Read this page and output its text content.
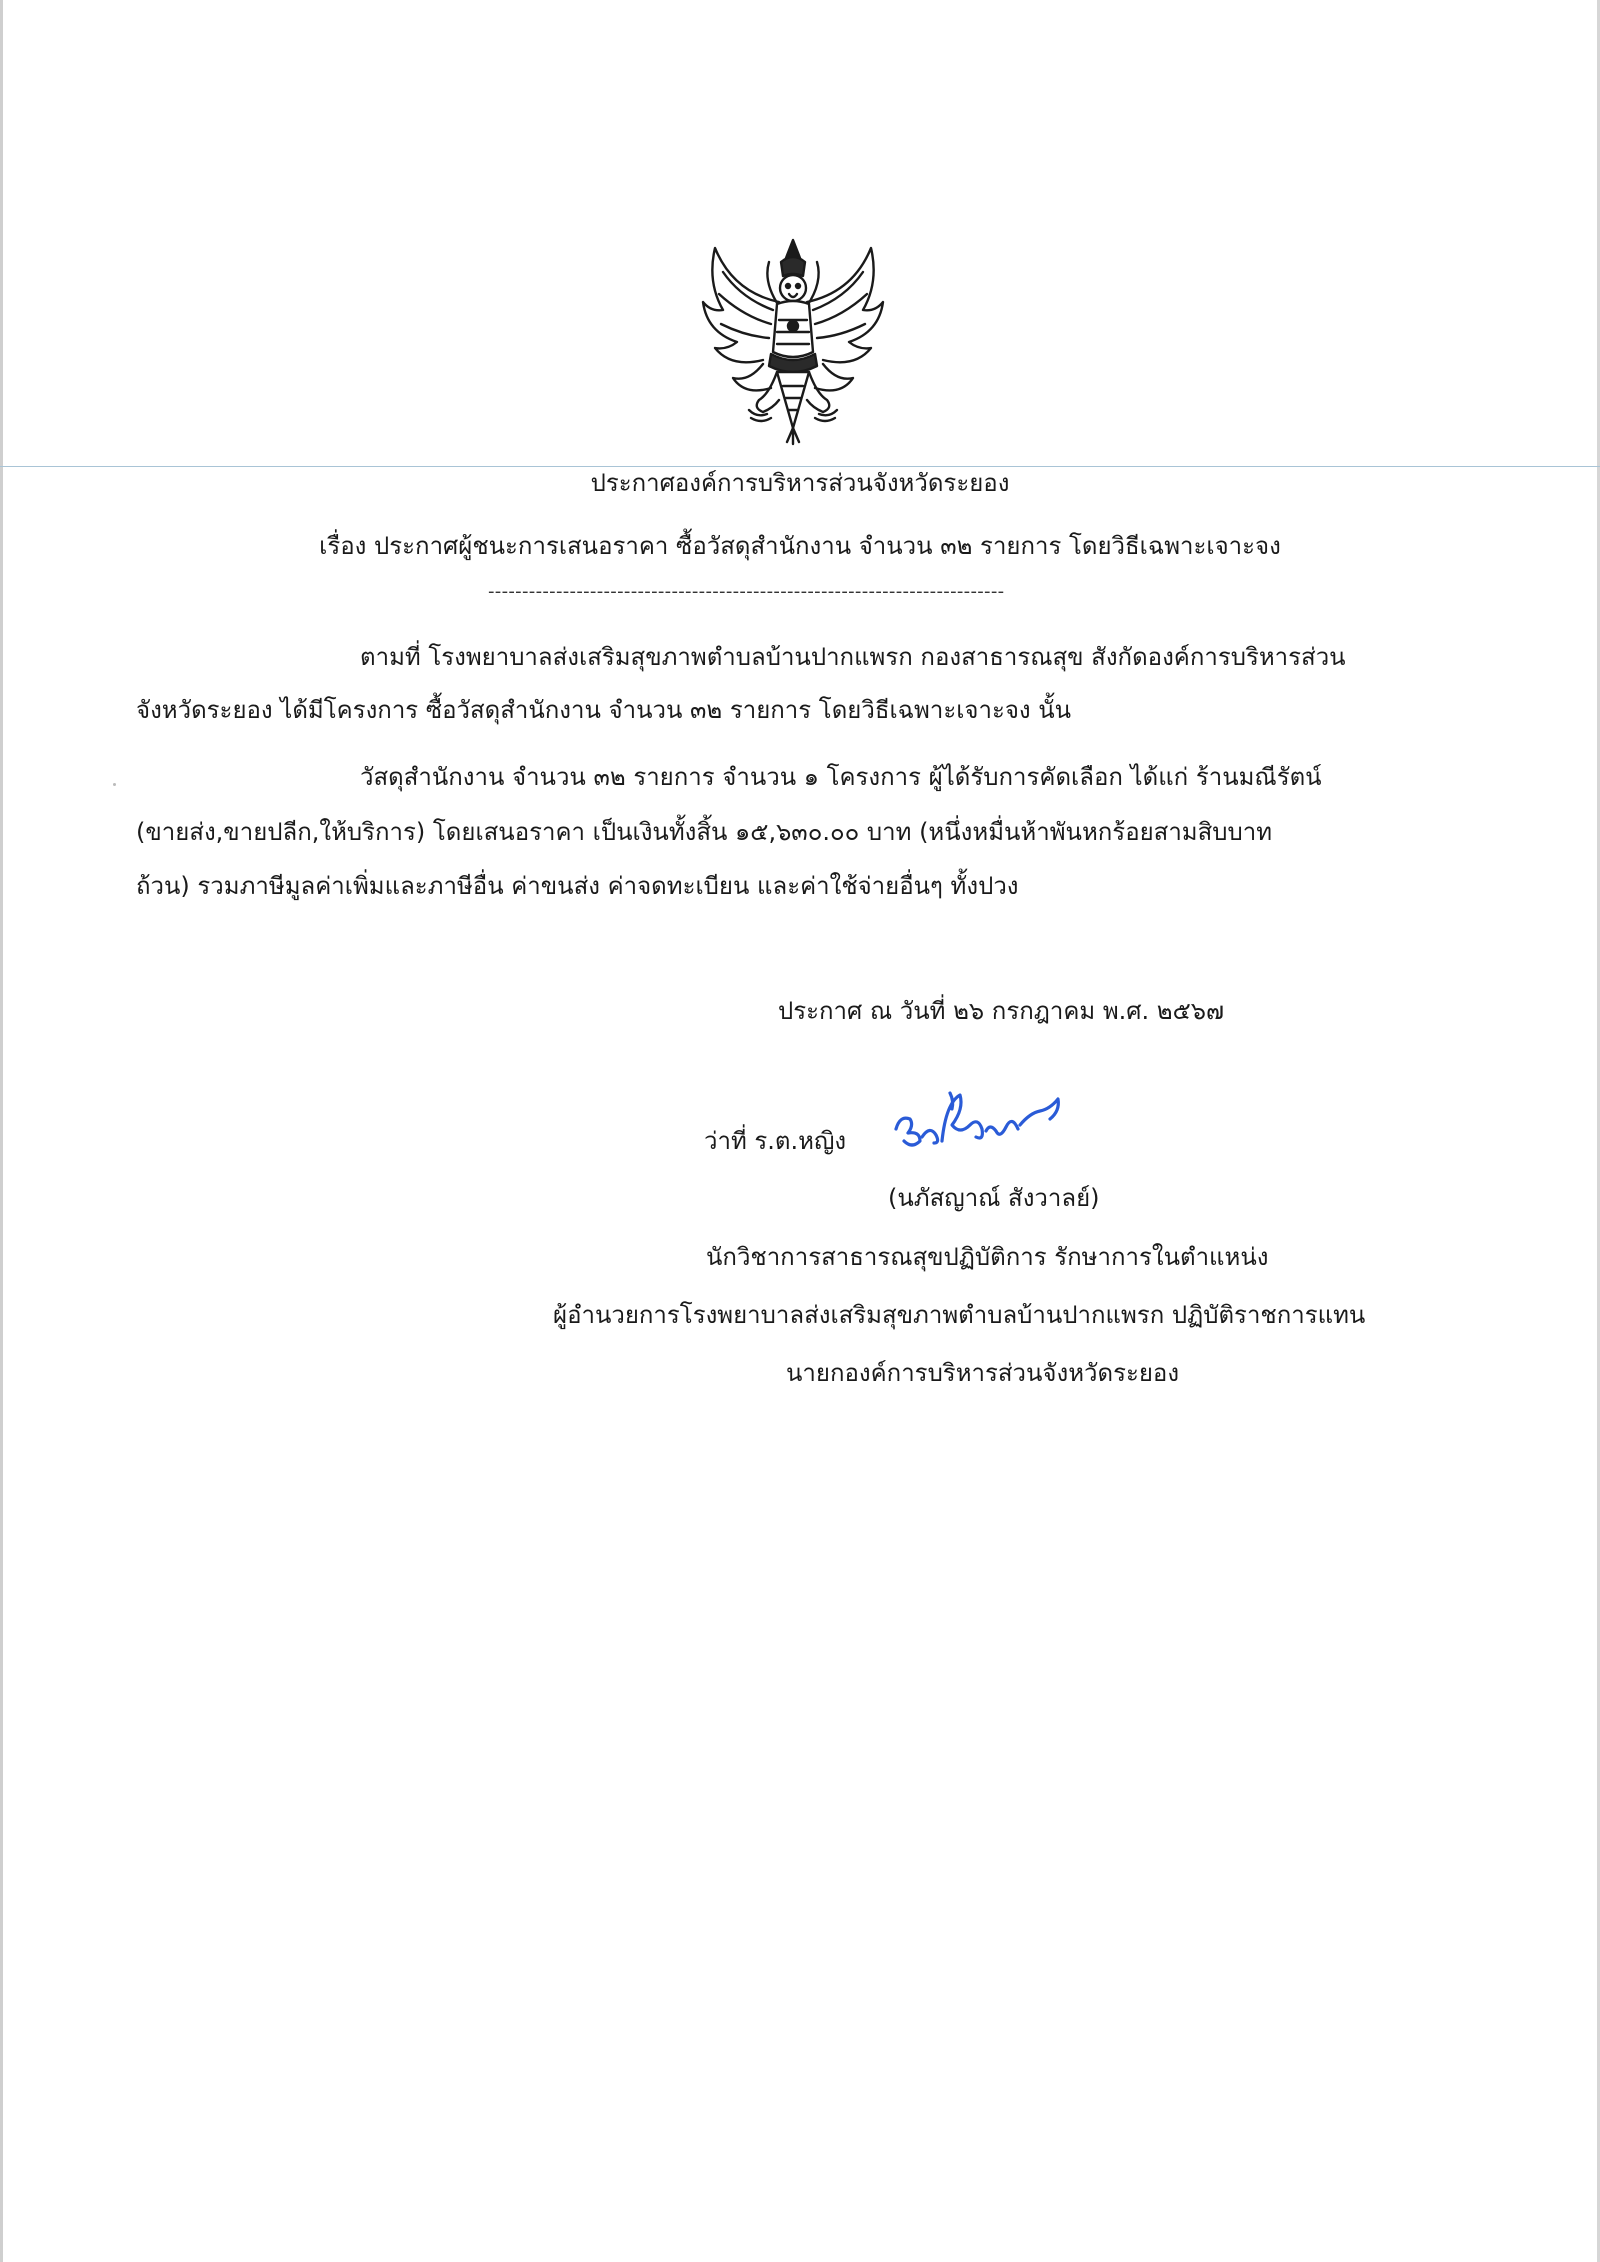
ประกาศองค์การบริหารส่วนจังหวัดระยอง
เรื่อง ประกาศผู้ชนะการเสนอราคา ซื้อวัสดุสำนักงาน จำนวน ๓๒ รายการ โดยวิธีเฉพาะเจาะจง
----------------------------------------------------------------------------
ตามที่ โรงพยาบาลส่งเสริมสุขภาพตำบลบ้านปากแพรก กองสาธารณสุข สังกัดองค์การบริหารส่วน
จังหวัดระยอง ได้มีโครงการ ซื้อวัสดุสำนักงาน จำนวน ๓๒ รายการ โดยวิธีเฉพาะเจาะจง นั้น
วัสดุสำนักงาน จำนวน ๓๒ รายการ จำนวน ๑ โครงการ ผู้ได้รับการคัดเลือก ได้แก่ ร้านมณีรัตน์
(ขายส่ง,ขายปลีก,ให้บริการ) โดยเสนอราคา เป็นเงินทั้งสิ้น ๑๕,๖๓๐.๐๐ บาท (หนึ่งหมื่นห้าพันหกร้อยสามสิบบาท
ถ้วน) รวมภาษีมูลค่าเพิ่มและภาษีอื่น ค่าขนส่ง ค่าจดทะเบียน และค่าใช้จ่ายอื่นๆ ทั้งปวง
ประกาศ ณ วันที่ ๒๖ กรกฎาคม พ.ศ. ๒๕๖๗
ว่าที่ ร.ต.หญิง
(นภัสญาณ์ สังวาลย์)
นักวิชาการสาธารณสุขปฏิบัติการ รักษาการในตำแหน่ง
ผู้อำนวยการโรงพยาบาลส่งเสริมสุขภาพตำบลบ้านปากแพรก ปฏิบัติราชการแทน
นายกองค์การบริหารส่วนจังหวัดระยอง
